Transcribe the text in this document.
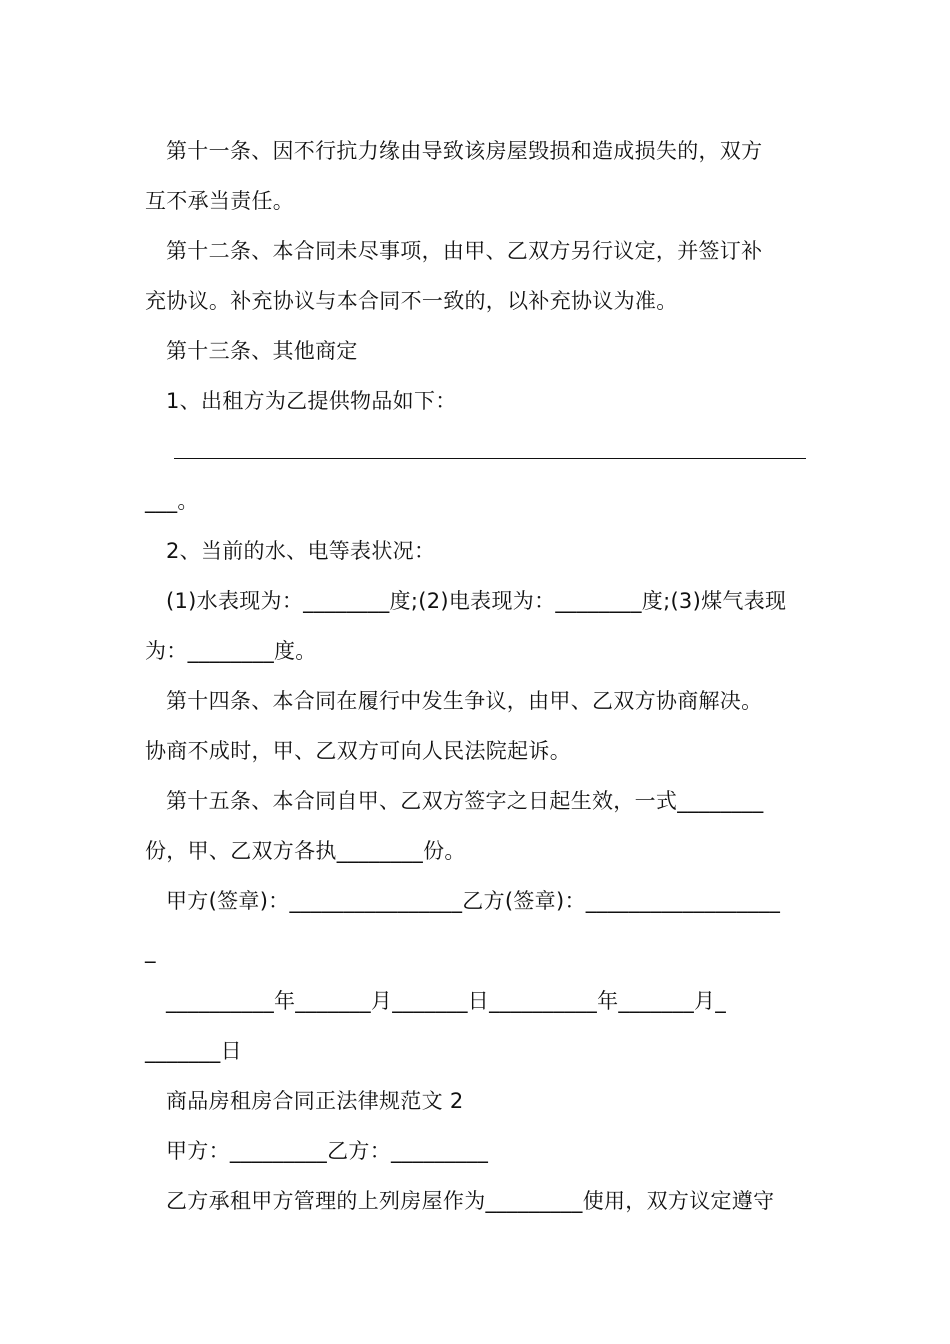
第十一条、因不行抗力缘由导致该房屋毁损和造成损失的，双方
互不承当责任。
第十二条、本合同未尽事项，由甲、乙双方另行议定，并签订补
充协议。补充协议与本合同不一致的，以补充协议为准。
第十三条、其他商定
1、出租方为乙提供物品如下：
___。
2、当前的水、电等表状况：
(1)水表现为：________度;(2)电表现为：________度;(3)煤气表现
为：________度。
第十四条、本合同在履行中发生争议，由甲、乙双方协商解决。
协商不成时，甲、乙双方可向人民法院起诉。
第十五条、本合同自甲、乙双方签字之日起生效，一式________
份，甲、乙双方各执________份。
甲方(签章)：________________乙方(签章)：__________________
_
__________年_______月_______日__________年_______月_
_______日
商品房租房合同正法律规范文 2
甲方：_________乙方：_________
乙方承租甲方管理的上列房屋作为_________使用，双方议定遵守
